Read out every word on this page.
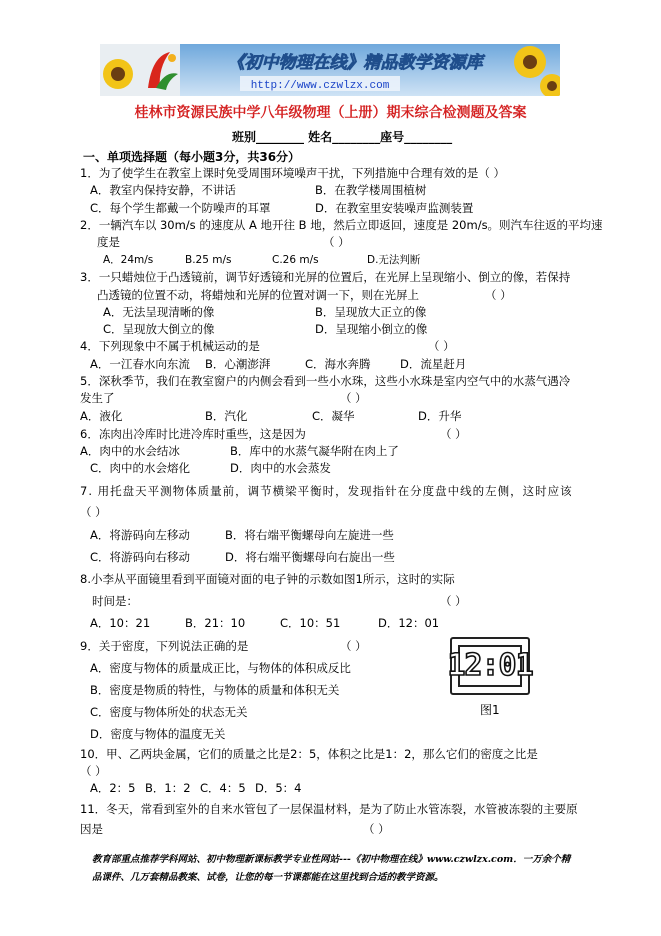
《初中物理在线》精品教学资源库
http://www.czwlzx.com
桂林市资源民族中学八年级物理（上册）期末综合检测题及答案
班别________ 姓名________座号________
一、单项选择题（每小题3分，共36分）
1．为了使学生在教室上课时免受周围环境噪声干扰，下列措施中合理有效的是（ ）
A．教室内保持安静，不讲话	B．在教学楼周围植树
C．每个学生都戴一个防噪声的耳罩	D．在教室里安装噪声监测装置
2．一辆汽车以 30m/s 的速度从 A 地开往 B 地，然后立即返回，速度是 20m/s。则汽车往返的平均速
度是	（ ）
A．24m/s	B.25 m/s	C.26 m/s	D.无法判断
3．一只蜡烛位于凸透镜前，调节好透镜和光屏的位置后，在光屏上呈现缩小、倒立的像，若保持
凸透镜的位置不动，将蜡烛和光屏的位置对调一下，则在光屏上	（ ）
A．无法呈现清晰的像	B．呈现放大正立的像
C．呈现放大倒立的像	D．呈现缩小倒立的像
4．下列现象中不属于机械运动的是	（ ）
A．一江春水向东流 B．心潮澎湃	C．海水奔腾	D．流星赶月
5．深秋季节，我们在教室窗户的内侧会看到一些小水珠，这些小水珠是室内空气中的水蒸气遇冷
发生了	（ ）
A．液化	B．汽化	C．凝华	D．升华
6．冻肉出冷库时比进冷库时重些，这是因为	（ ）
A．肉中的水会结冰	B．库中的水蒸气凝华附在肉上了
C．肉中的水会熔化	D．肉中的水会蒸发
7. 用托盘天平测物体质量前，调节横梁平衡时，发现指针在分度盘中线的左侧，这时应该
（ ）
A．将游码向左移动	B．将右端平衡螺母向左旋进一些
C．将游码向右移动	D．将右端平衡螺母向右旋出一些
8.小李从平面镜里看到平面镜对面的电子钟的示数如图1所示，这时的实际
时间是：	（ ）
A．10：21	B．21：10	C．10：51	D．12：01
9．关于密度，下列说法正确的是	（ ）
A．密度与物体的质量成正比，与物体的体积成反比
B．密度是物质的特性，与物体的质量和体积无关
C．密度与物体所处的状态无关
D．密度与物体的温度无关
12:01
图1
10．甲、乙两块金属，它们的质量之比是2：5，体积之比是1：2，那么它们的密度之比是
（ ）
A．2：5 B．1：2 C．4：5 D．5：4
11．冬天，常看到室外的自来水管包了一层保温材料，是为了防止水管冻裂，水管被冻裂的主要原
因是	（ ）
教育部重点推荐学科网站、初中物理新课标教学专业性网站---《初中物理在线》www.czwlzx.com．一万余个精品课件、几万套精品教案、试卷，让您的每一节课都能在这里找到合适的教学资源。
